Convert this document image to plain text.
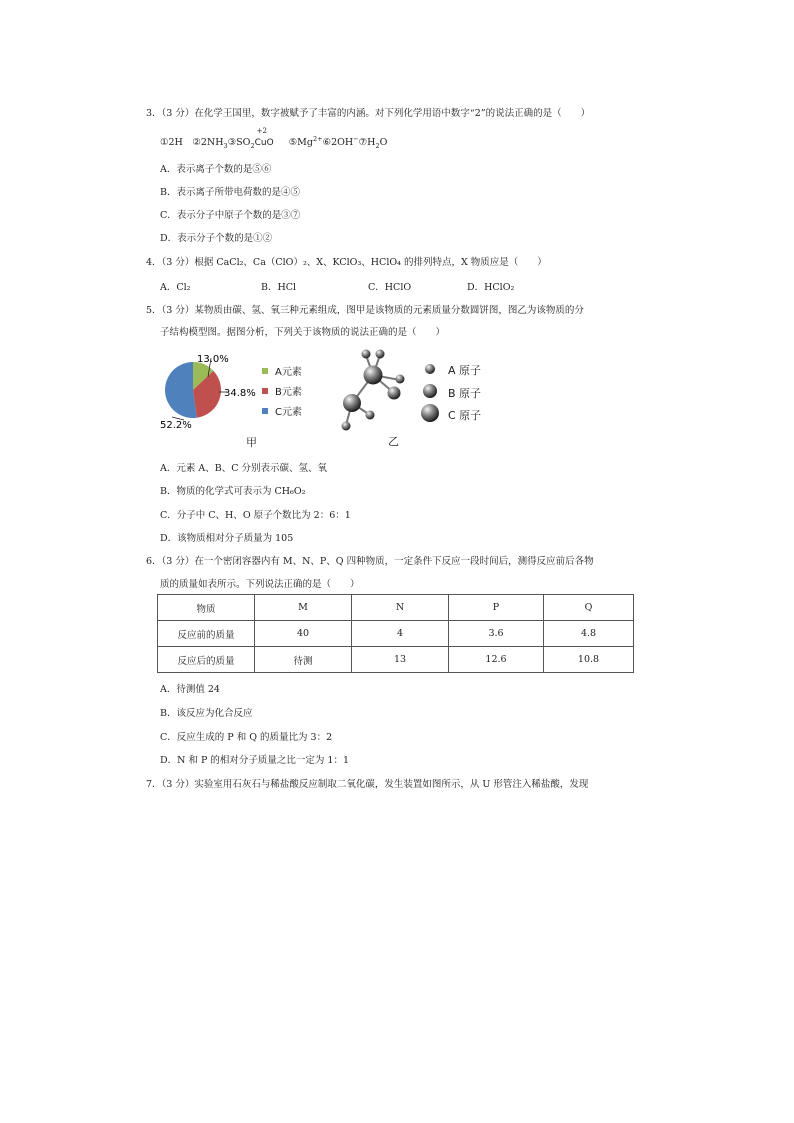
3．（3 分）在化学王国里，数字被赋予了丰富的内涵。对下列化学用语中数字“2”的说法正确的是（　　）
①2H　$②2NH_3③SO_2$
+2
CuO $⑤Mg^{2+}⑥2OH^-⑦H_2O$
A．表示离子个数的是⑤⑥
B．表示离子所带电荷数的是④⑤
C．表示分子中原子个数的是③⑦
D．表示分子个数的是①②
4．（3 分）根据 CaCl₂、Ca（ClO）₂、X、KClO₃、HClO₄ 的排列特点，X 物质应是（　　）
A．Cl₂	B．HCl	C．HClO	D．HClO₂
5．（3 分）某物质由碳、氢、氧三种元素组成，图甲是该物质的元素质量分数圆饼图，图乙为该物质的分
子结构模型图。据图分析，下列关于该物质的说法正确的是（　　）
13.0%
34.8%
52.2%
A元素
B元素
C元素
甲
A 原子
B 原子
C 原子
乙
A．元素 A、B、C 分别表示碳、氢、氧
B．物质的化学式可表示为 CH₆O₂
C．分子中 C、H、O 原子个数比为 2：6：1
D．该物质相对分子质量为 105
6．（3 分）在一个密闭容器内有 M、N、P、Q 四种物质，一定条件下反应一段时间后，测得反应前后各物
质的质量如表所示。下列说法正确的是（　　）
物质	M	N	P	Q
反应前的质量	40	4	3.6	4.8
反应后的质量	待测	13	12.6	10.8
A．待测值 24
B．该反应为化合反应
C．反应生成的 P 和 Q 的质量比为 3：2
D．N 和 P 的相对分子质量之比一定为 1：1
7．（3 分）实验室用石灰石与稀盐酸反应制取二氧化碳，发生装置如图所示，从 U 形管注入稀盐酸，发现
